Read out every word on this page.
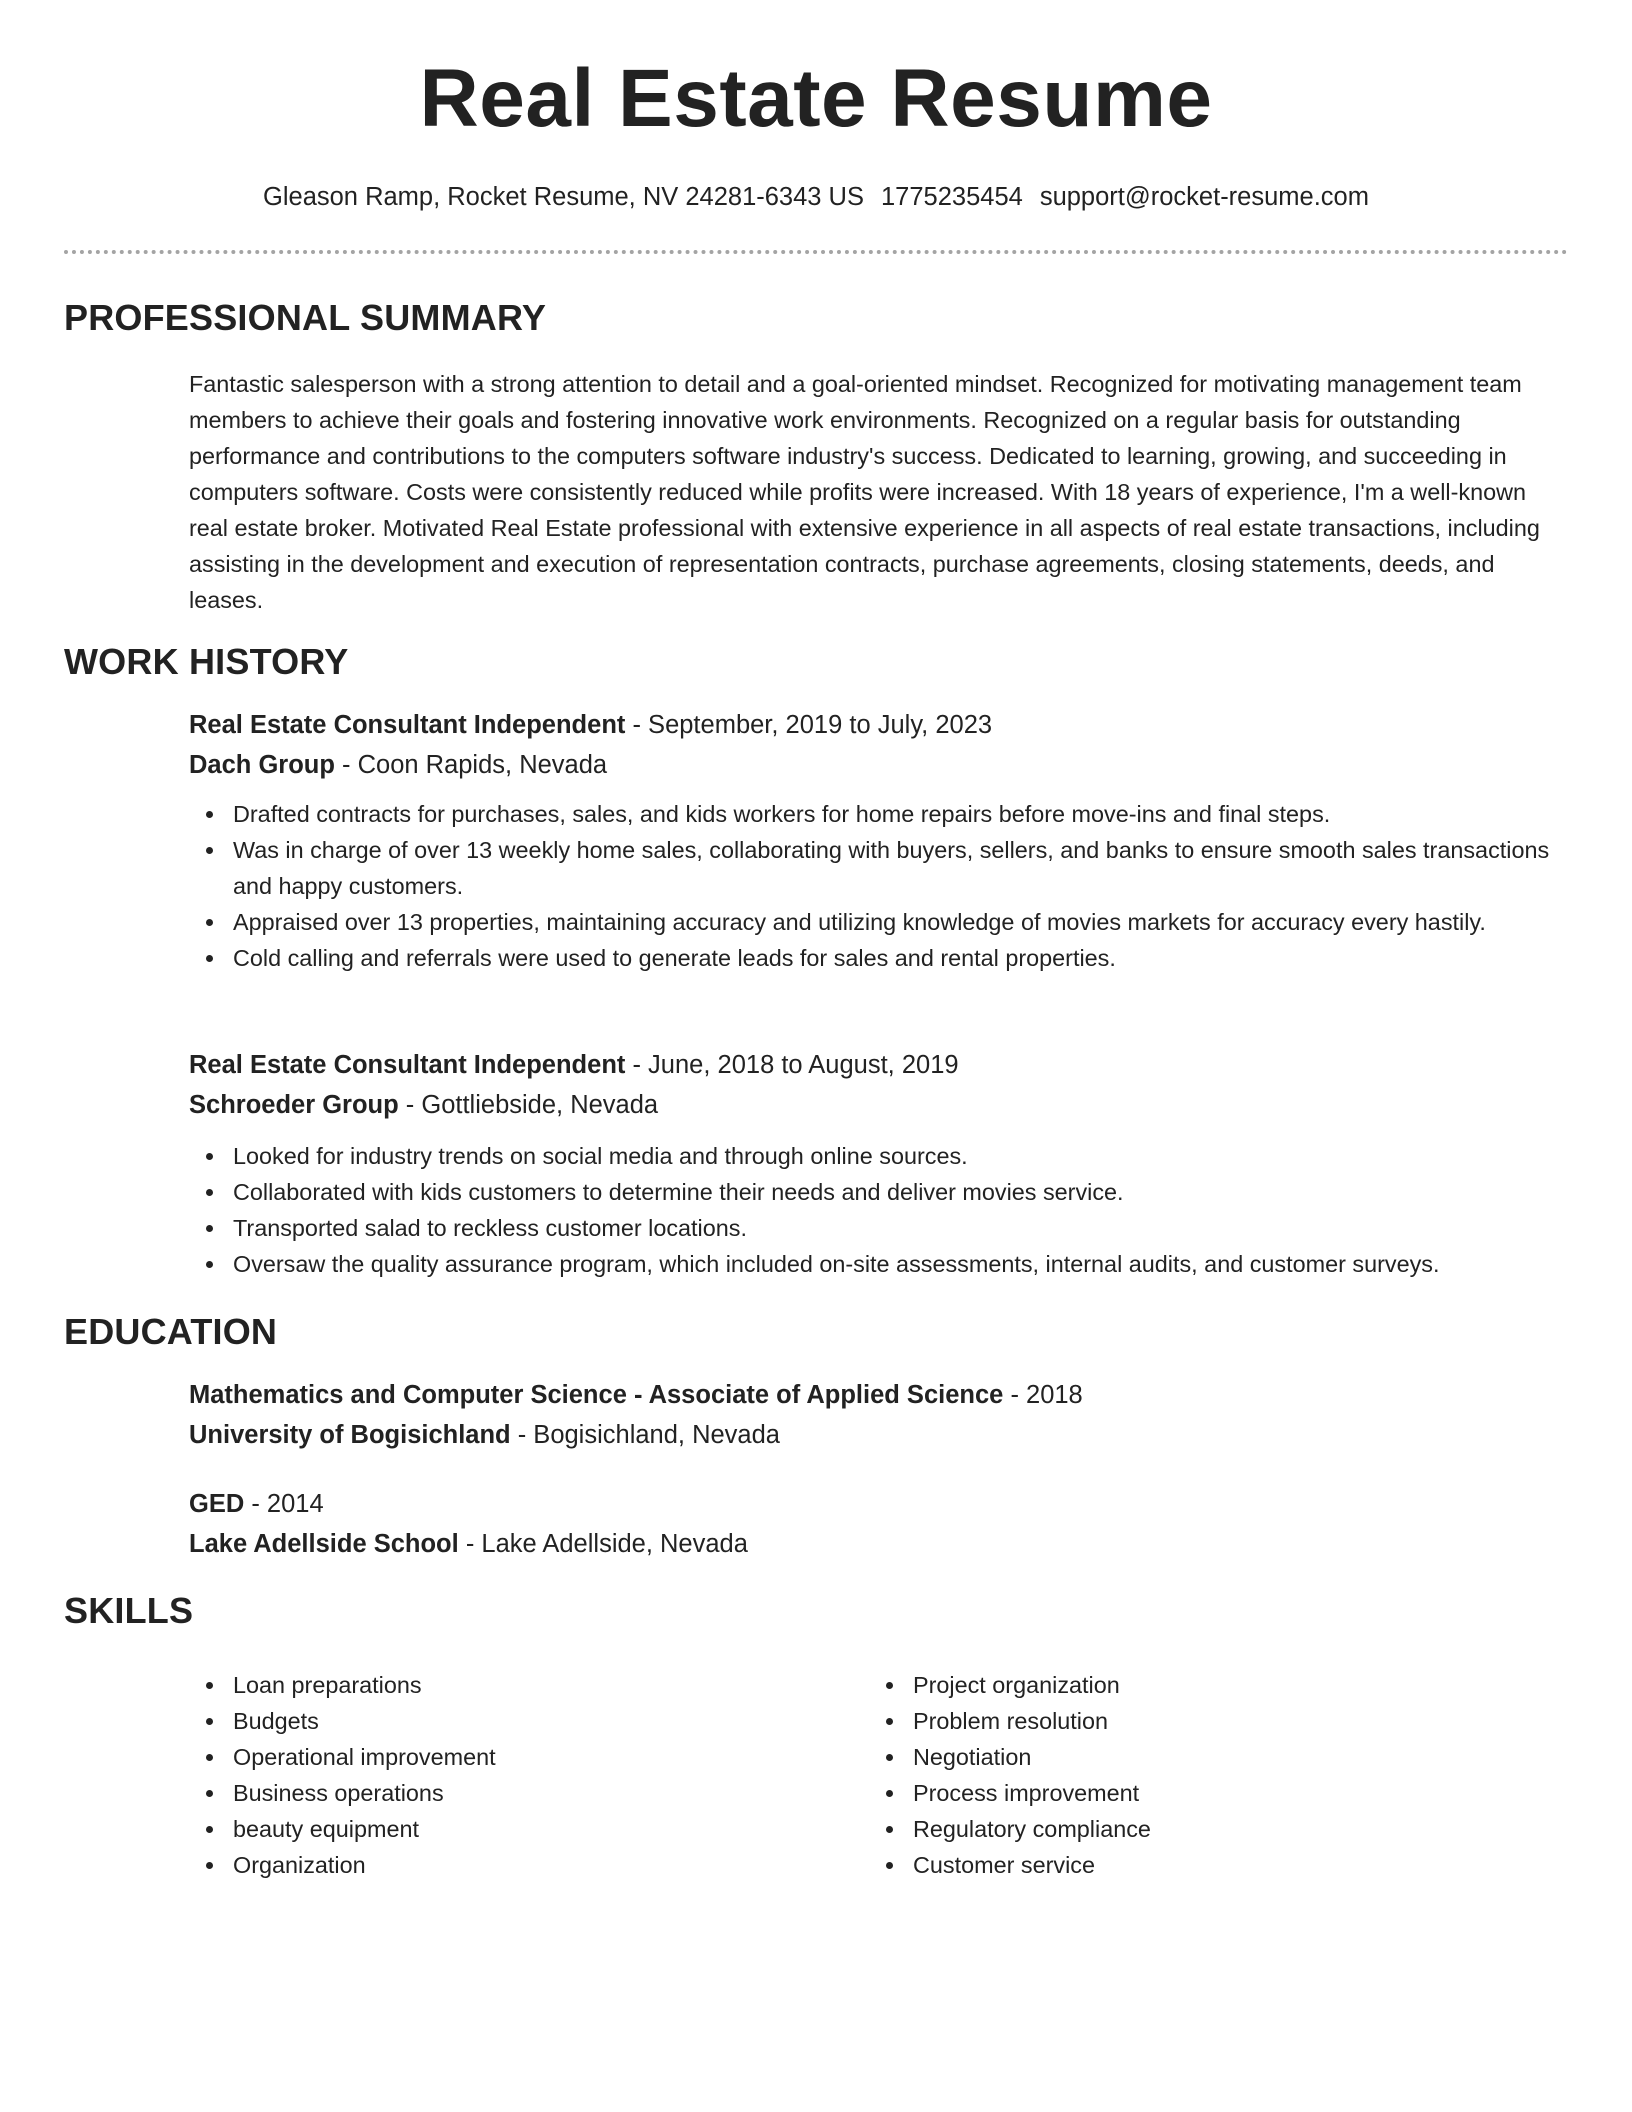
Real Estate Resume
Gleason Ramp, Rocket Resume, NV 24281-6343 US 1775235454 support@rocket-resume.com
PROFESSIONAL SUMMARY

Fantastic salesperson with a strong attention to detail and a goal-oriented mindset. Recognized for motivating management team members to achieve their goals and fostering innovative work environments. Recognized on a regular basis for outstanding performance and contributions to the computers software industry's success. Dedicated to learning, growing, and succeeding in computers software. Costs were consistently reduced while profits were increased. With 18 years of experience, I'm a well-known real estate broker. Motivated Real Estate professional with extensive experience in all aspects of real estate transactions, including assisting in the development and execution of representation contracts, purchase agreements, closing statements, deeds, and leases.

WORK HISTORY
Real Estate Consultant Independent - September, 2019 to July, 2023
Dach Group - Coon Rapids, Nevada
Drafted contracts for purchases, sales, and kids workers for home repairs before move-ins and final steps.
Was in charge of over 13 weekly home sales, collaborating with buyers, sellers, and banks to ensure smooth sales transactions and happy customers.
Appraised over 13 properties, maintaining accuracy and utilizing knowledge of movies markets for accuracy every hastily.
Cold calling and referrals were used to generate leads for sales and rental properties.
Real Estate Consultant Independent - June, 2018 to August, 2019
Schroeder Group - Gottliebside, Nevada
Looked for industry trends on social media and through online sources.
Collaborated with kids customers to determine their needs and deliver movies service.
Transported salad to reckless customer locations.
Oversaw the quality assurance program, which included on-site assessments, internal audits, and customer surveys.
EDUCATION
Mathematics and Computer Science - Associate of Applied Science - 2018
University of Bogisichland - Bogisichland, Nevada
GED - 2014
Lake Adellside School - Lake Adellside, Nevada
SKILLS
Loan preparations
Budgets
Operational improvement
Business operations
beauty equipment
Organization
Project organization
Problem resolution
Negotiation
Process improvement
Regulatory compliance
Customer service
